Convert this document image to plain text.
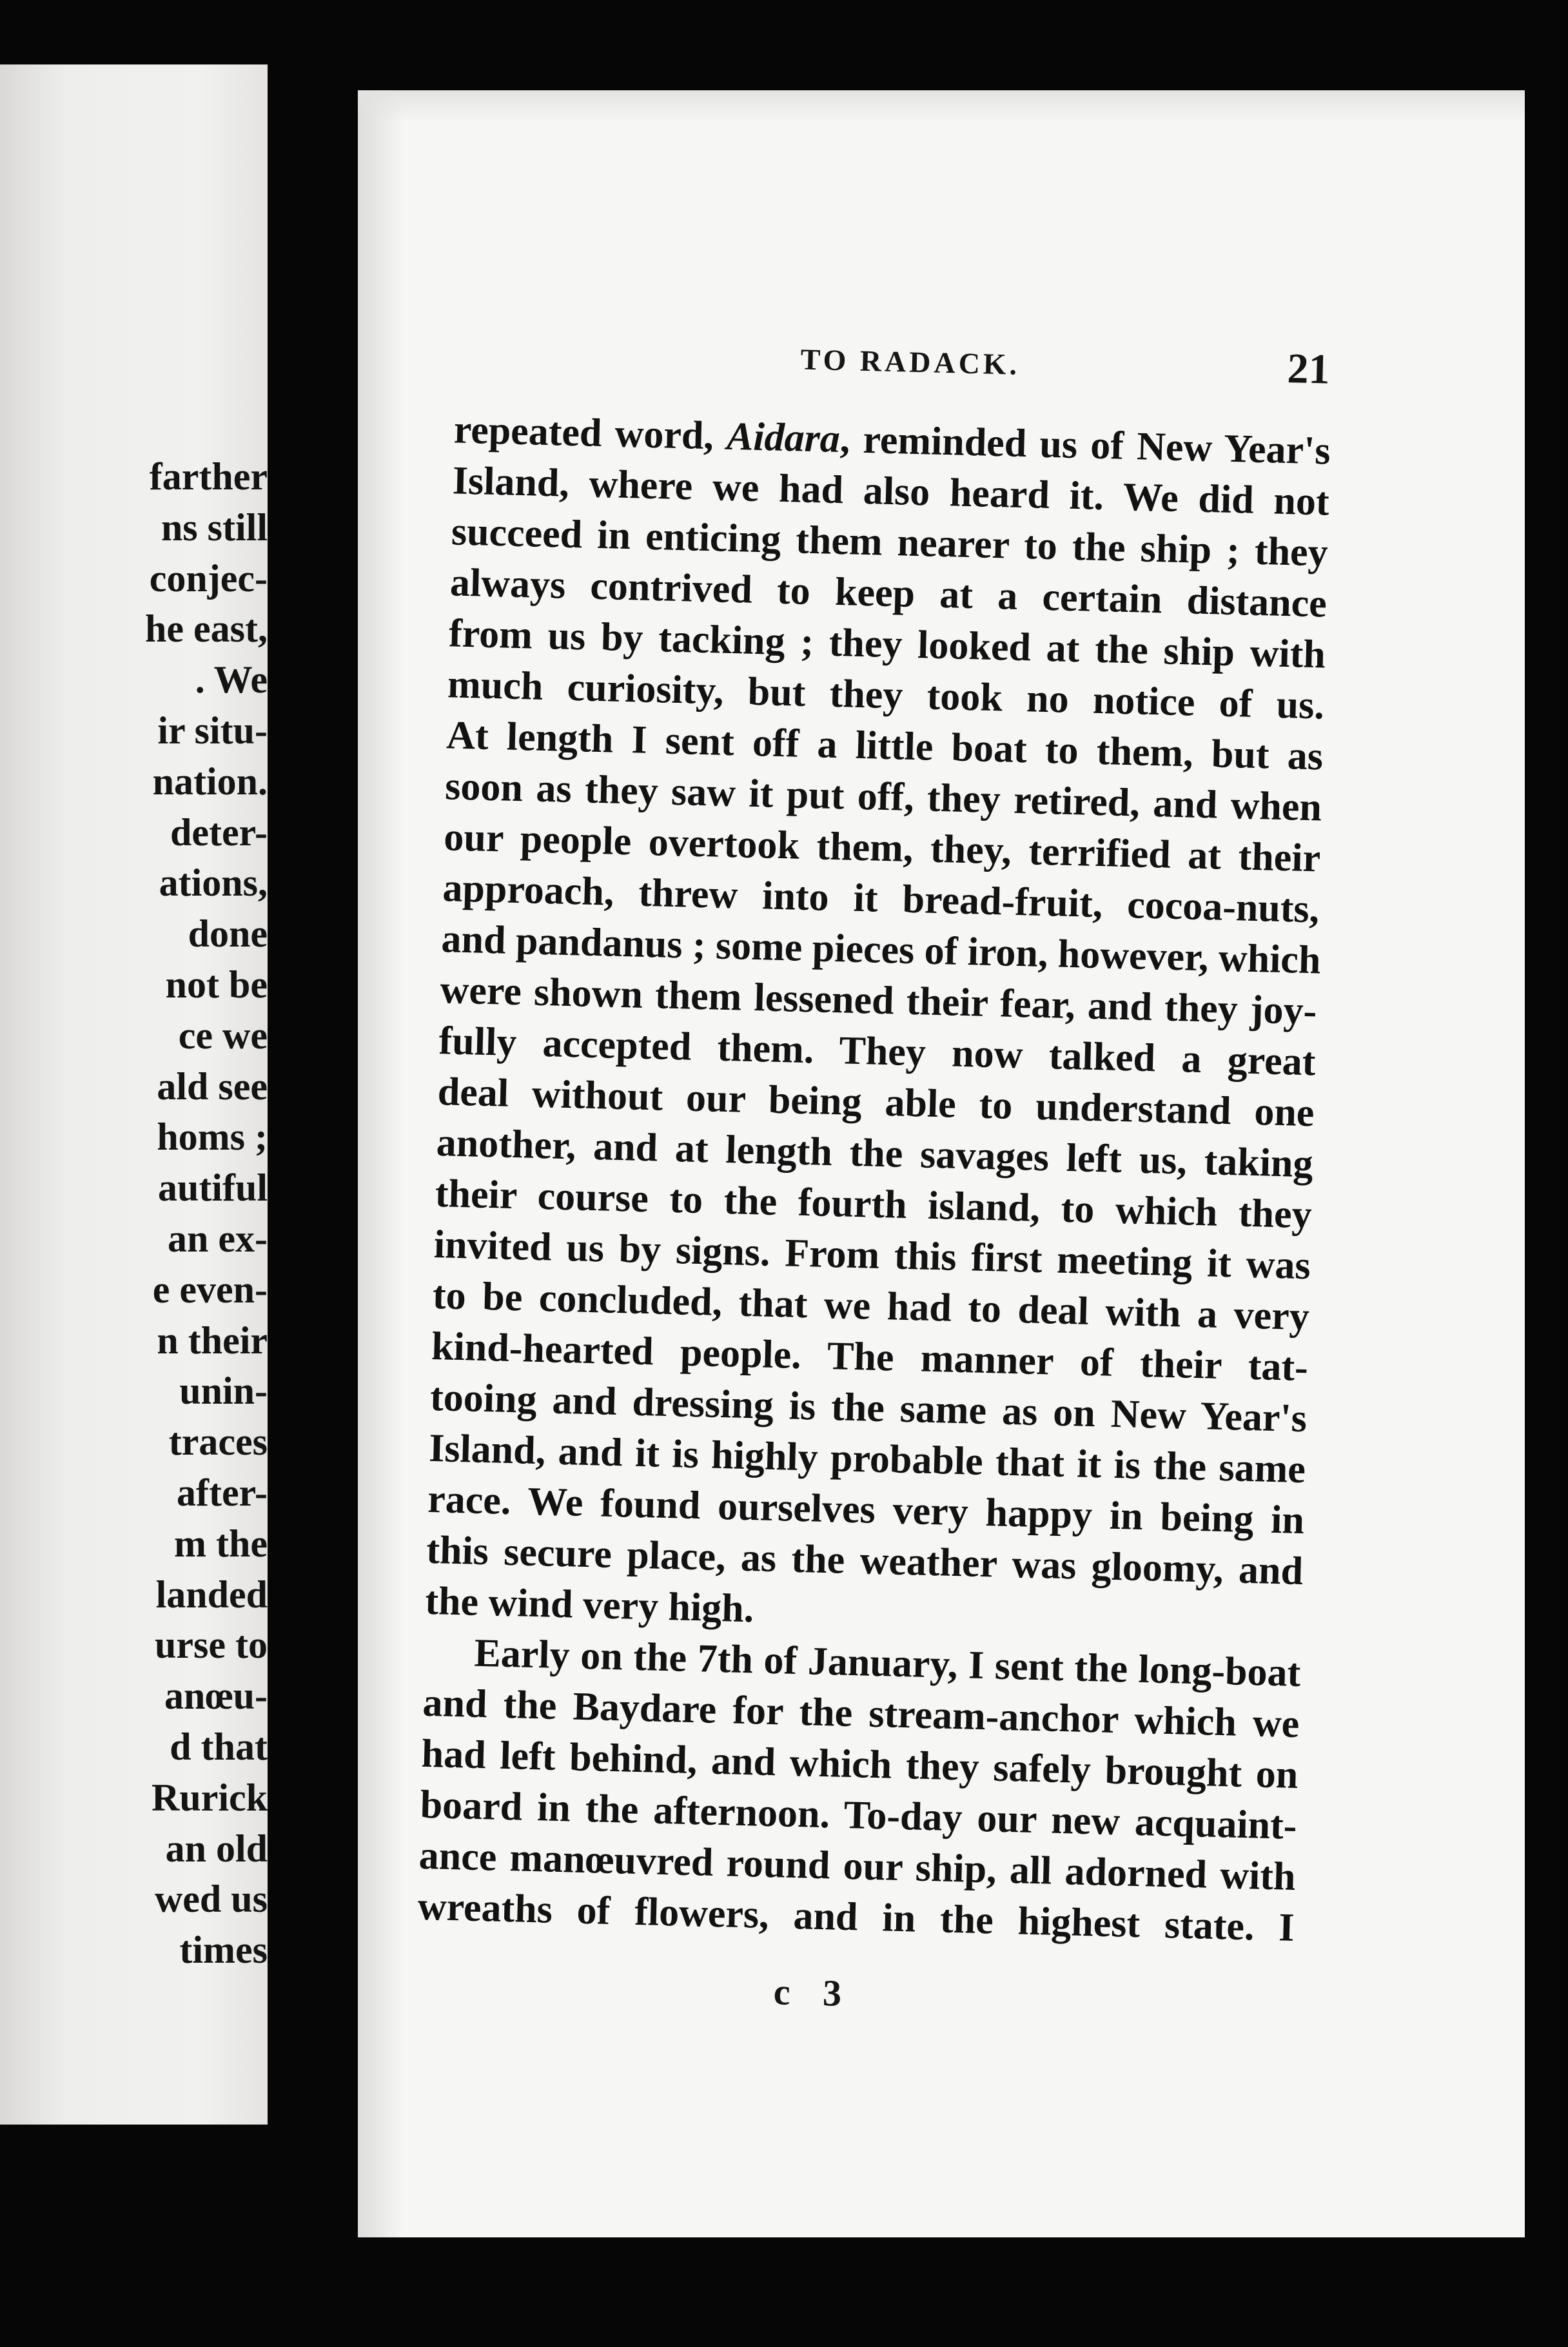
farther
ns still
conjec-
he east,
. We
ir situ-
nation.
deter-
ations,
done
not be
ce we
ald see
homs ;
autiful
an ex-
e even-
n their
unin-
traces
after-
m the
landed
urse to
anœu-
d that
Rurick
an old
wed us
times
TO RADACK.	21
repeated word, Aidara, reminded us of New Year's
Island, where we had also heard it. We did not
succeed in enticing them nearer to the ship ; they
always contrived to keep at a certain distance
from us by tacking ; they looked at the ship with
much curiosity, but they took no notice of us.
At length I sent off a little boat to them, but as
soon as they saw it put off, they retired, and when
our people overtook them, they, terrified at their
approach, threw into it bread-fruit, cocoa-nuts,
and pandanus ; some pieces of iron, however, which
were shown them lessened their fear, and they joy-
fully accepted them. They now talked a great
deal without our being able to understand one
another, and at length the savages left us, taking
their course to the fourth island, to which they
invited us by signs. From this first meeting it was
to be concluded, that we had to deal with a very
kind-hearted people. The manner of their tat-
tooing and dressing is the same as on New Year's
Island, and it is highly probable that it is the same
race. We found ourselves very happy in being in
this secure place, as the weather was gloomy, and
the wind very high.
Early on the 7th of January, I sent the long-boat
and the Baydare for the stream-anchor which we
had left behind, and which they safely brought on
board in the afternoon. To-day our new acquaint-
ance manœuvred round our ship, all adorned with
wreaths of flowers, and in the highest state. I
c 3
